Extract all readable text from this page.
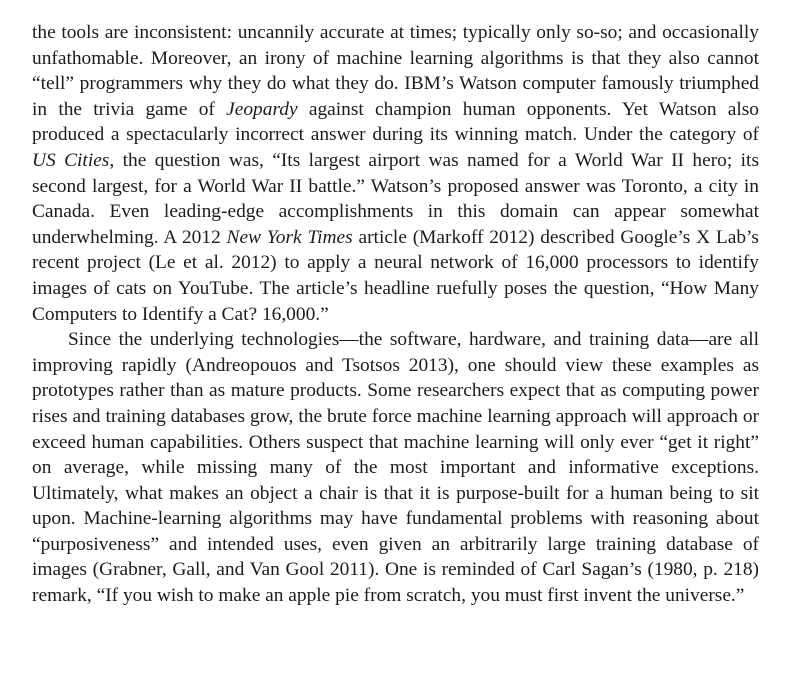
the tools are inconsistent: uncannily accurate at times; typically only so-so; and occasionally unfathomable. Moreover, an irony of machine learning algorithms is that they also cannot “tell” programmers why they do what they do. IBM’s Watson computer famously triumphed in the trivia game of Jeopardy against champion human opponents. Yet Watson also produced a spectacularly incorrect answer during its winning match. Under the category of US Cities, the question was, “Its largest airport was named for a World War II hero; its second largest, for a World War II battle.” Watson’s proposed answer was Toronto, a city in Canada. Even leading-edge accomplishments in this domain can appear somewhat underwhelming. A 2012 New York Times article (Markoff 2012) described Google’s X Lab’s recent project (Le et al. 2012) to apply a neural network of 16,000 processors to identify images of cats on YouTube. The article’s headline ruefully poses the question, “How Many Computers to Identify a Cat? 16,000.”

Since the underlying technologies—the software, hardware, and training data—are all improving rapidly (Andreopouos and Tsotsos 2013), one should view these examples as prototypes rather than as mature products. Some researchers expect that as computing power rises and training databases grow, the brute force machine learning approach will approach or exceed human capabilities. Others suspect that machine learning will only ever “get it right” on average, while missing many of the most important and informative exceptions. Ultimately, what makes an object a chair is that it is purpose-built for a human being to sit upon. Machine-learning algorithms may have fundamental problems with reasoning about “purposiveness” and intended uses, even given an arbitrarily large training database of images (Grabner, Gall, and Van Gool 2011). One is reminded of Carl Sagan’s (1980, p. 218) remark, “If you wish to make an apple pie from scratch, you must first invent the universe.”
